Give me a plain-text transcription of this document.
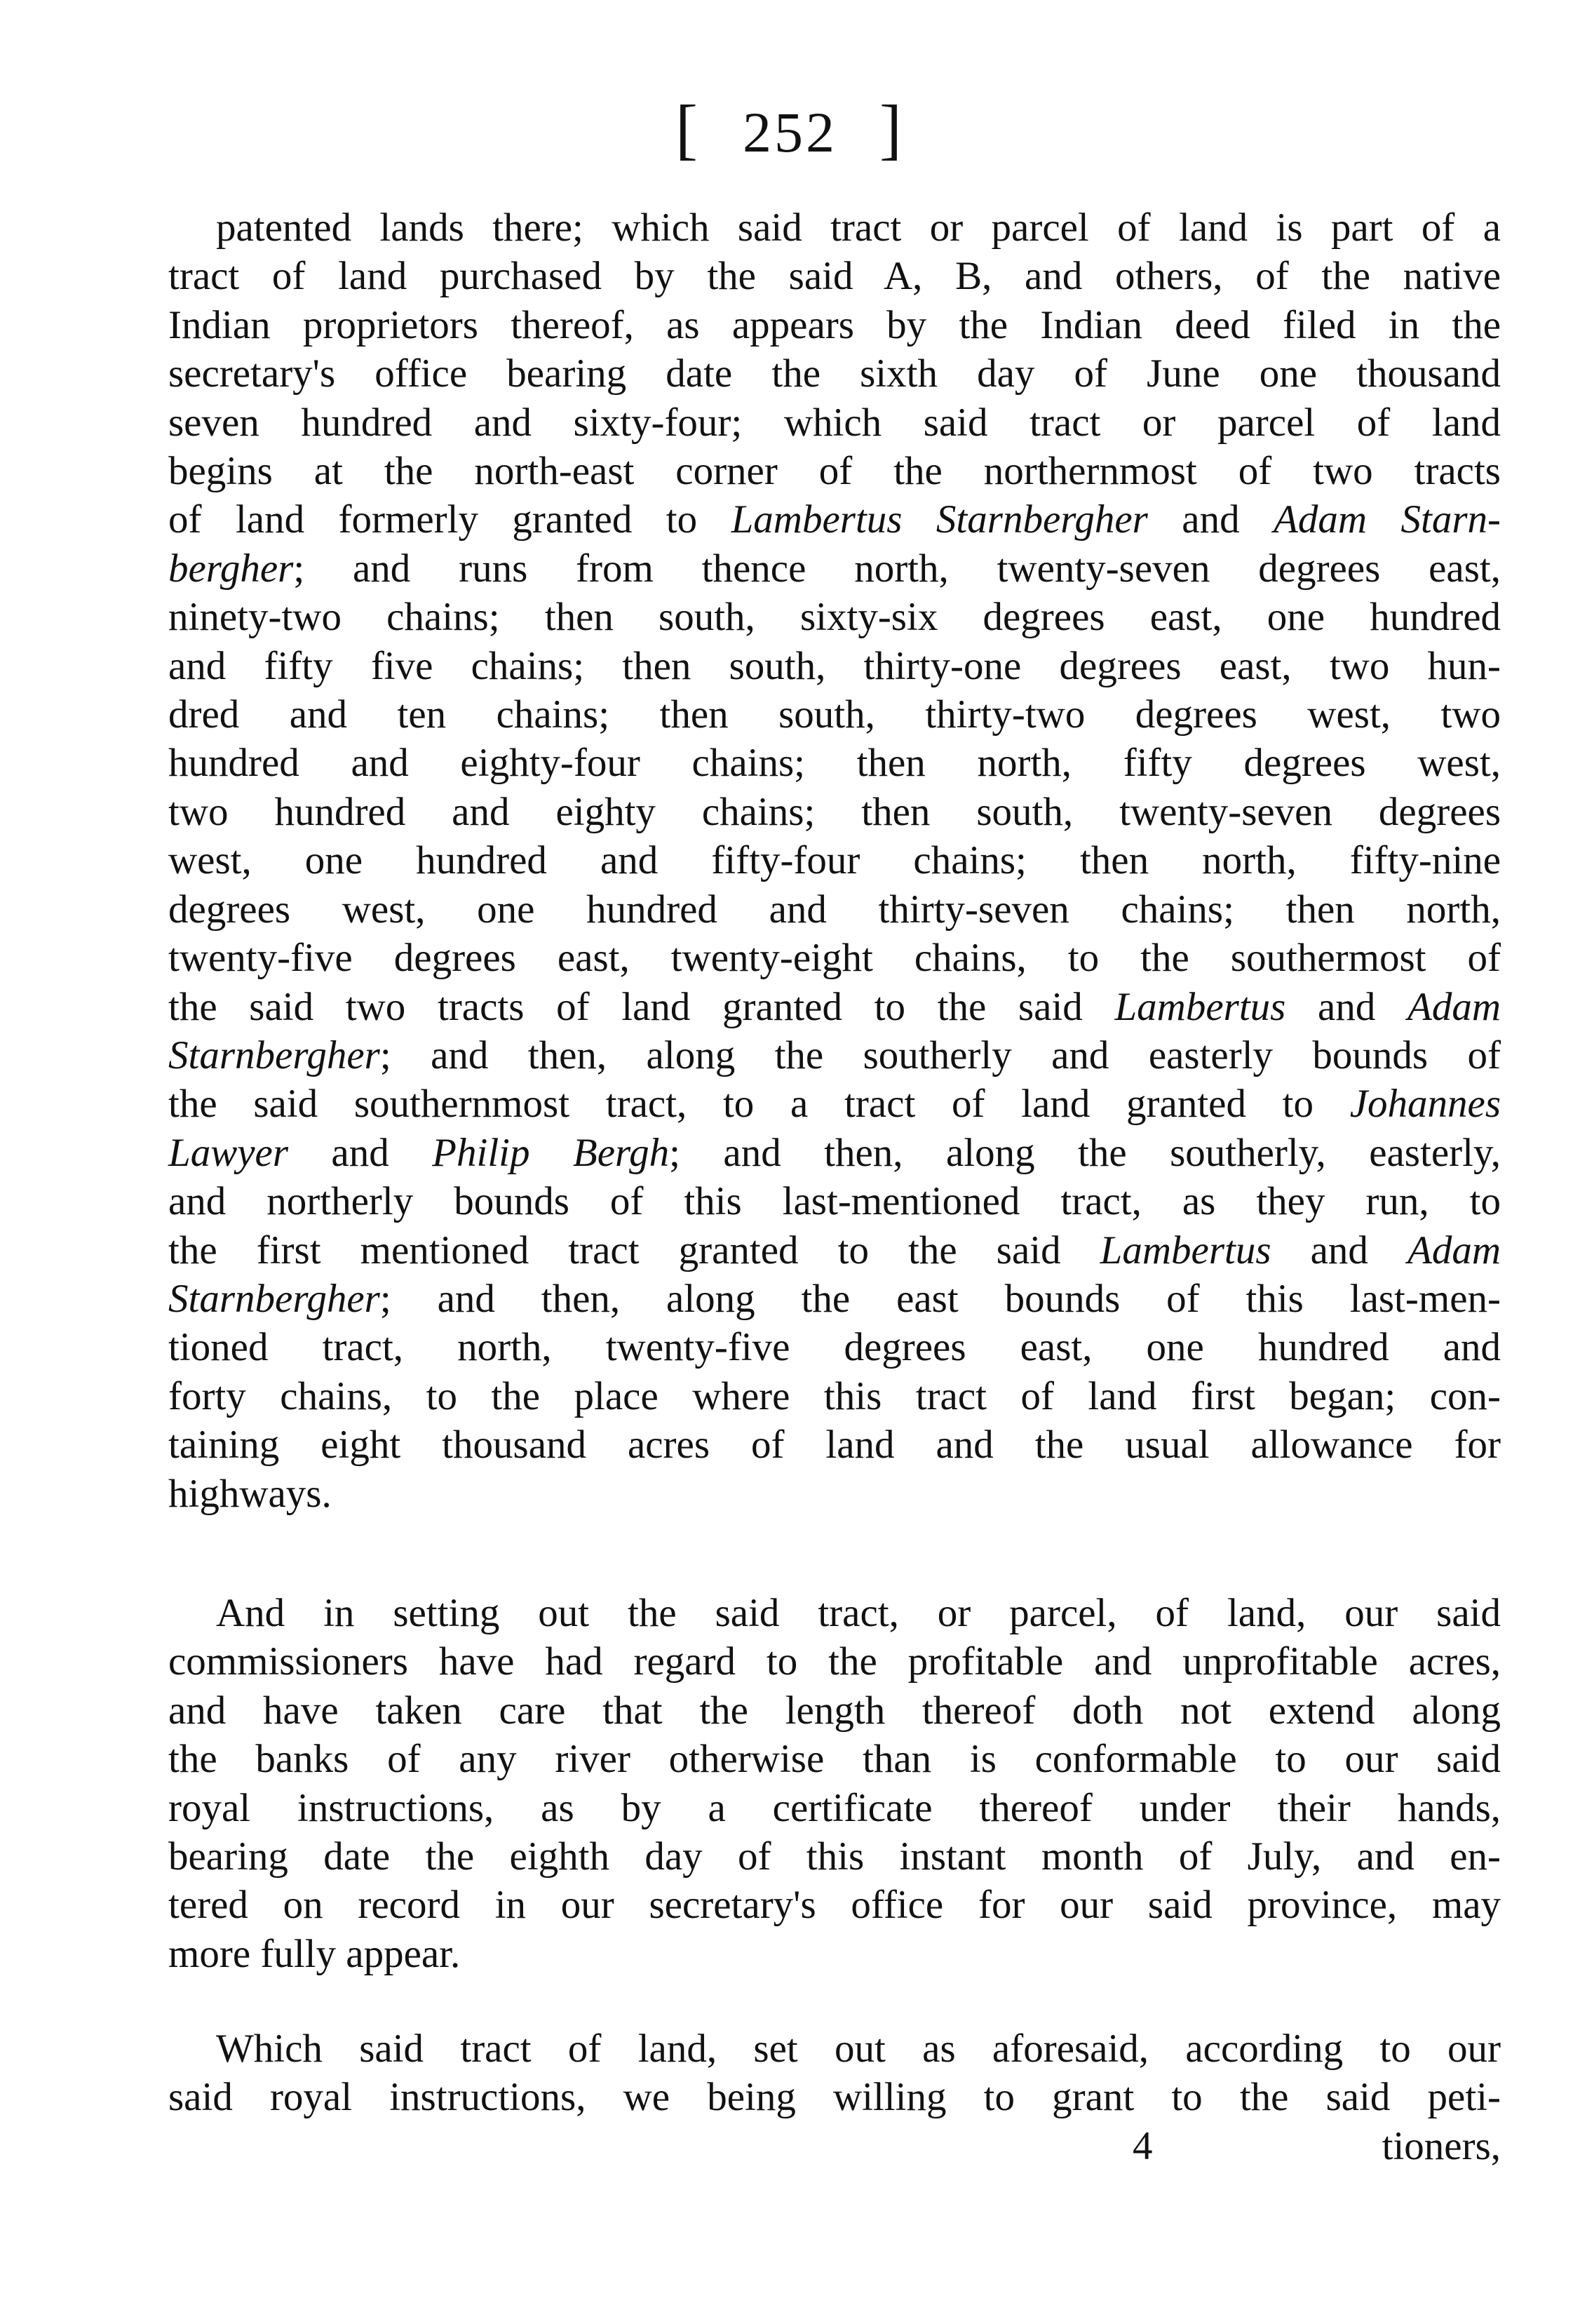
[ 252 ]
patented lands there; which said tract or parcel of land is part of a
tract of land purchased by the said A, B, and others, of the native
Indian proprietors thereof, as appears by the Indian deed filed in the
secretary's office bearing date the sixth day of June one thousand
seven hundred and sixty-four; which said tract or parcel of land
begins at the north-east corner of the northernmost of two tracts
of land formerly granted to Lambertus Starnbergher and Adam Starn-
bergher; and runs from thence north, twenty-seven degrees east,
ninety-two chains; then south, sixty-six degrees east, one hundred
and fifty five chains; then south, thirty-one degrees east, two hun-
dred and ten chains; then south, thirty-two degrees west, two
hundred and eighty-four chains; then north, fifty degrees west,
two hundred and eighty chains; then south, twenty-seven degrees
west, one hundred and fifty-four chains; then north, fifty-nine
degrees west, one hundred and thirty-seven chains; then north,
twenty-five degrees east, twenty-eight chains, to the southermost of
the said two tracts of land granted to the said Lambertus and Adam
Starnbergher; and then, along the southerly and easterly bounds of
the said southernmost tract, to a tract of land granted to Johannes
Lawyer and Philip Bergh; and then, along the southerly, easterly,
and northerly bounds of this last-mentioned tract, as they run, to
the first mentioned tract granted to the said Lambertus and Adam
Starnbergher; and then, along the east bounds of this last-men-
tioned tract, north, twenty-five degrees east, one hundred and
forty chains, to the place where this tract of land first began; con-
taining eight thousand acres of land and the usual allowance for
highways.
And in setting out the said tract, or parcel, of land, our said
commissioners have had regard to the profitable and unprofitable acres,
and have taken care that the length thereof doth not extend along
the banks of any river otherwise than is conformable to our said
royal instructions, as by a certificate thereof under their hands,
bearing date the eighth day of this instant month of July, and en-
tered on record in our secretary's office for our said province, may
more fully appear.
Which said tract of land, set out as aforesaid, according to our
said royal instructions, we being willing to grant to the said peti-
4	tioners,
